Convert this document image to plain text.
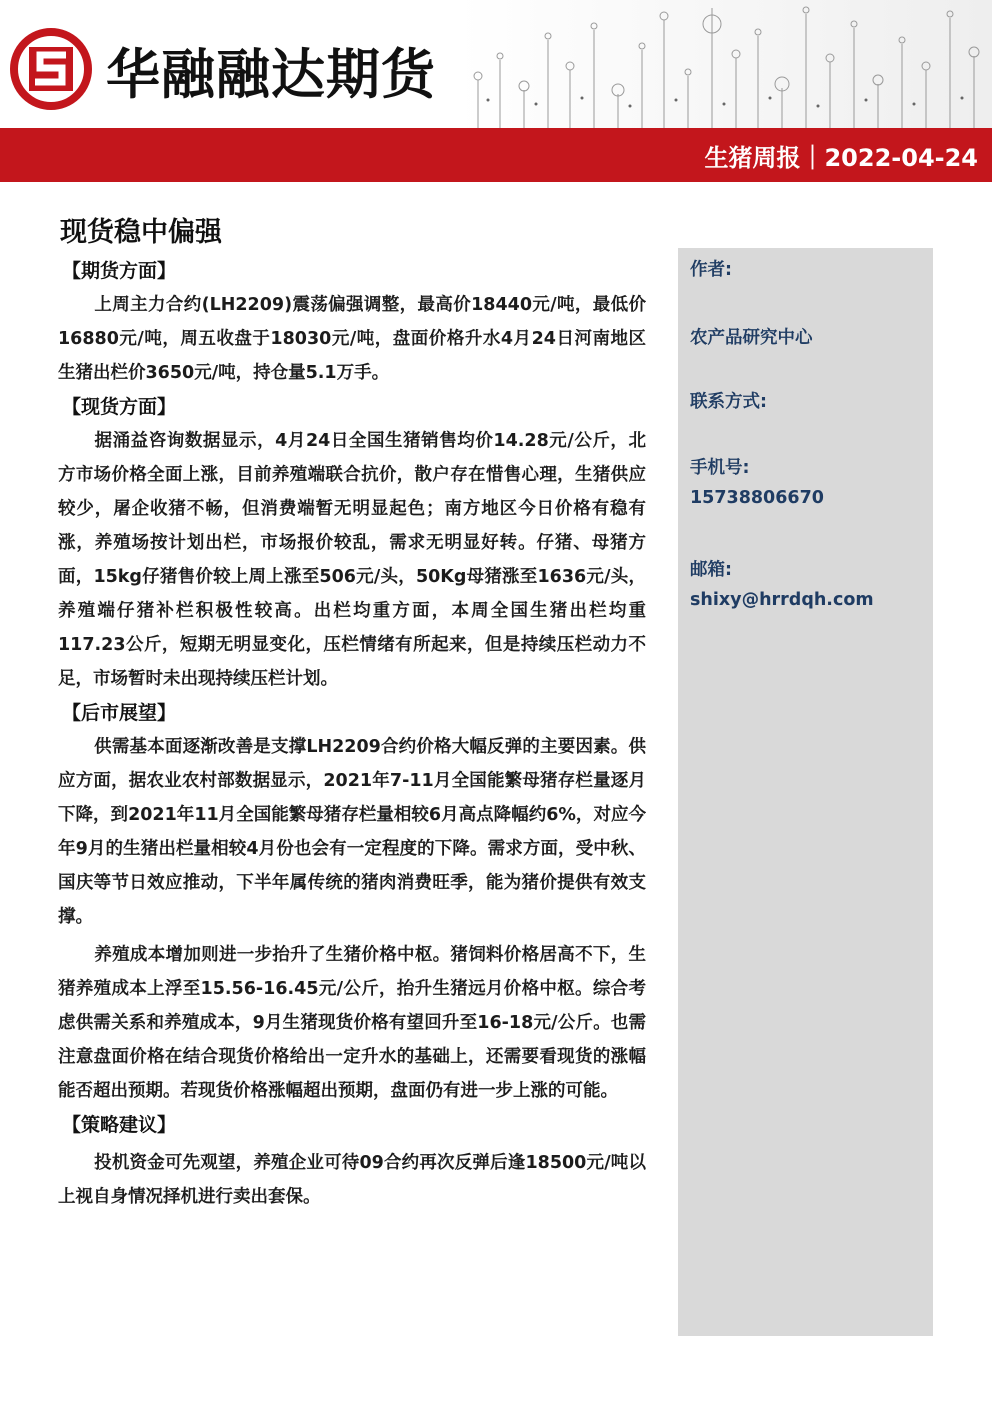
华融融达期货
生猪周报｜2022-04-24
现货稳中偏强
【期货方面】

上周主力合约(LH2209)震荡偏强调整，最高价18440元/吨，最低价16880元/吨，周五收盘于18030元/吨，盘面价格升水4月24日河南地区生猪出栏价3650元/吨，持仓量5.1万手。

【现货方面】

据涌益咨询数据显示，4月24日全国生猪销售均价14.28元/公斤，北方市场价格全面上涨，目前养殖端联合抗价，散户存在惜售心理，生猪供应较少，屠企收猪不畅，但消费端暂无明显起色；南方地区今日价格有稳有涨，养殖场按计划出栏，市场报价较乱，需求无明显好转。仔猪、母猪方面，15kg仔猪售价较上周上涨至506元/头，50Kg母猪涨至1636元/头，养殖端仔猪补栏积极性较高。出栏均重方面，本周全国生猪出栏均重117.23公斤，短期无明显变化，压栏情绪有所起来，但是持续压栏动力不足，市场暂时未出现持续压栏计划。

【后市展望】

供需基本面逐渐改善是支撑LH2209合约价格大幅反弹的主要因素。供应方面，据农业农村部数据显示，2021年7-11月全国能繁母猪存栏量逐月下降，到2021年11月全国能繁母猪存栏量相较6月高点降幅约6%，对应今年9月的生猪出栏量相较4月份也会有一定程度的下降。需求方面，受中秋、国庆等节日效应推动，下半年属传统的猪肉消费旺季，能为猪价提供有效支撑。

养殖成本增加则进一步抬升了生猪价格中枢。猪饲料价格居高不下，生猪养殖成本上浮至15.56-16.45元/公斤，抬升生猪远月价格中枢。综合考虑供需关系和养殖成本，9月生猪现货价格有望回升至16-18元/公斤。也需注意盘面价格在结合现货价格给出一定升水的基础上，还需要看现货的涨幅能否超出预期。若现货价格涨幅超出预期，盘面仍有进一步上涨的可能。

【策略建议】

投机资金可先观望，养殖企业可待09合约再次反弹后逢18500元/吨以上视自身情况择机进行卖出套保。

作者:
农产品研究中心
联系方式:
手机号:
15738806670
邮箱:
shixy@hrrdqh.com
